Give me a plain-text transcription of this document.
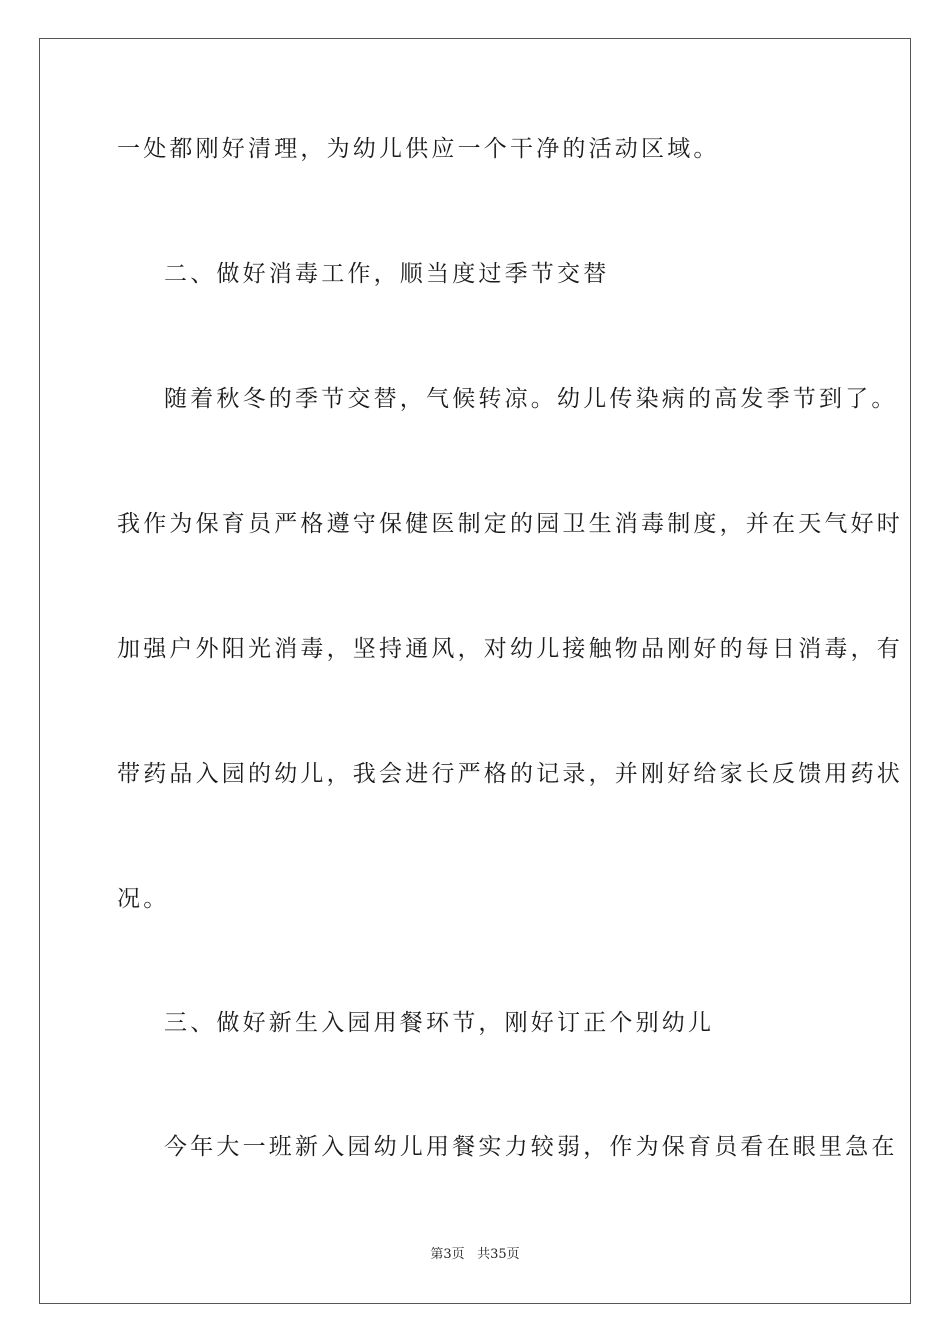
一处都刚好清理，为幼儿供应一个干净的活动区域。
二、做好消毒工作，顺当度过季节交替
随着秋冬的季节交替，气候转凉。幼儿传染病的高发季节到了。
我作为保育员严格遵守保健医制定的园卫生消毒制度，并在天气好时
加强户外阳光消毒，坚持通风，对幼儿接触物品刚好的每日消毒，有
带药品入园的幼儿，我会进行严格的记录，并刚好给家长反馈用药状
况。
三、做好新生入园用餐环节，刚好订正个别幼儿
今年大一班新入园幼儿用餐实力较弱，作为保育员看在眼里急在
第3页 共35页
